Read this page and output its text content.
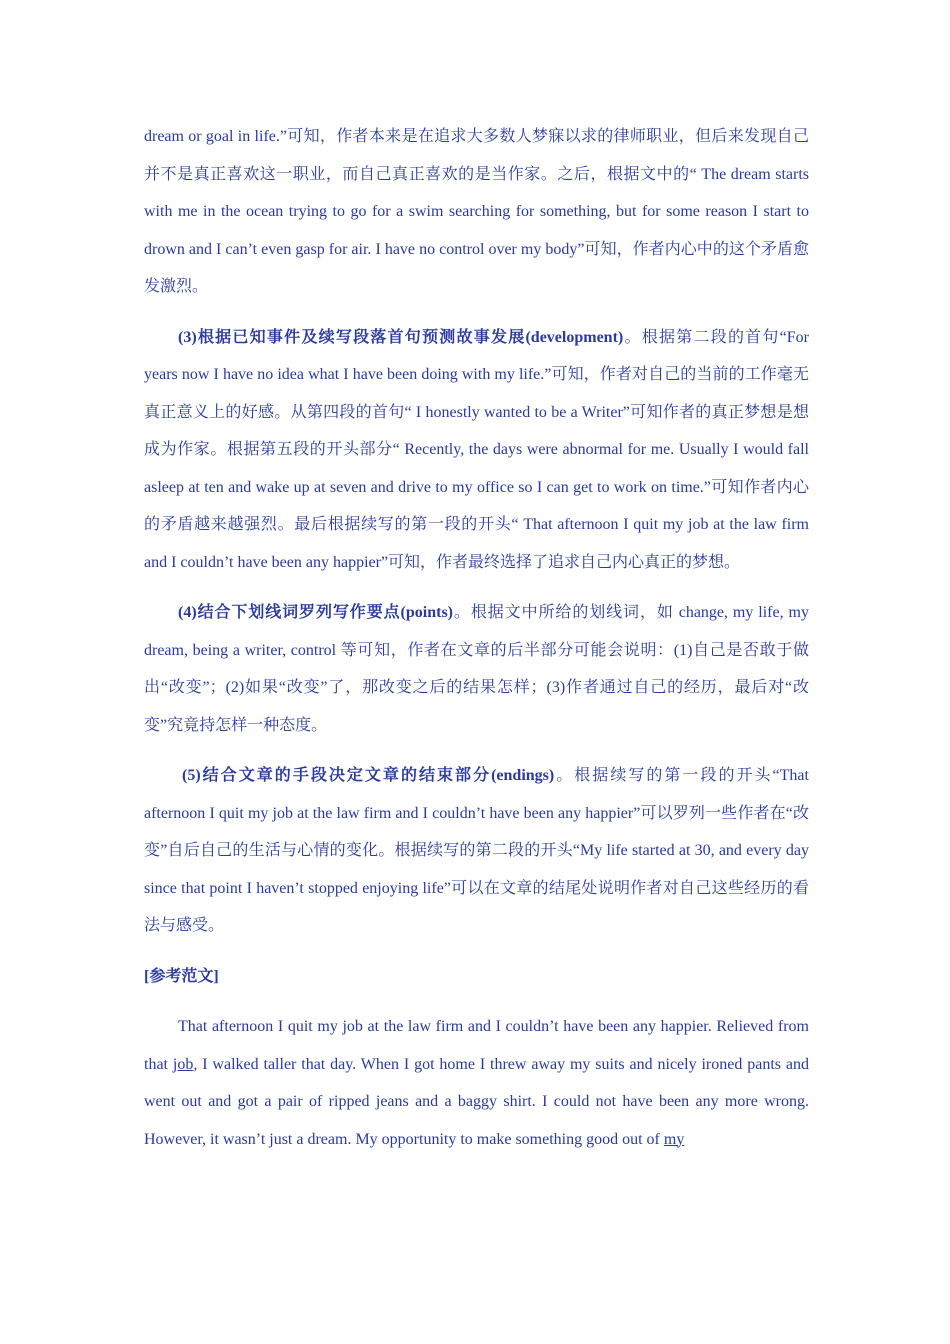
dream or goal in life.”可知，作者本来是在追求大多数人梦寐以求的律师职业，但后来发现自己并不是真正喜欢这一职业，而自己真正喜欢的是当作家。之后，根据文中的“ The dream starts with me in the ocean trying to go for a swim searching for something, but for some reason I start to drown and I can’t even gasp for air. I have no control over my body”可知，作者内心中的这个矛盾愈发激烈。

(3)根据已知事件及续写段落首句预测故事发展(development)。根据第二段的首句“For years now I have no idea what I have been doing with my life.”可知，作者对自己的当前的工作毫无真正意义上的好感。从第四段的首句“ I honestly wanted to be a Writer”可知作者的真正梦想是想成为作家。根据第五段的开头部分“ Recently, the days were abnormal for me. Usually I would fall asleep at ten and wake up at seven and drive to my office so I can get to work on time.”可知作者内心的矛盾越来越强烈。最后根据续写的第一段的开头“ That afternoon I quit my job at the law firm and I couldn’t have been any happier”可知，作者最终选择了追求自己内心真正的梦想。

(4)结合下划线词罗列写作要点(points)。根据文中所给的划线词，如 change, my life, my dream, being a writer, control 等可知，作者在文章的后半部分可能会说明：(1)自己是否敢于做出“改变”；(2)如果“改变”了，那改变之后的结果怎样；(3)作者通过自己的经历，最后对“改变”究竟持怎样一种态度。

(5)结合文章的手段决定文章的结束部分(endings)。根据续写的第一段的开头“That afternoon I quit my job at the law firm and I couldn’t have been any happier”可以罗列一些作者在“改变”自后自己的生活与心情的变化。根据续写的第二段的开头“My life started at 30, and every day since that point I haven’t stopped enjoying life”可以在文章的结尾处说明作者对自己这些经历的看法与感受。

[参考范文]

That afternoon I quit my job at the law firm and I couldn’t have been any happier. Relieved from that job, I walked taller that day. When I got home I threw away my suits and nicely ironed pants and went out and got a pair of ripped jeans and a baggy shirt. I could not have been any more wrong. However, it wasn’t just a dream. My opportunity to make something good out of my
